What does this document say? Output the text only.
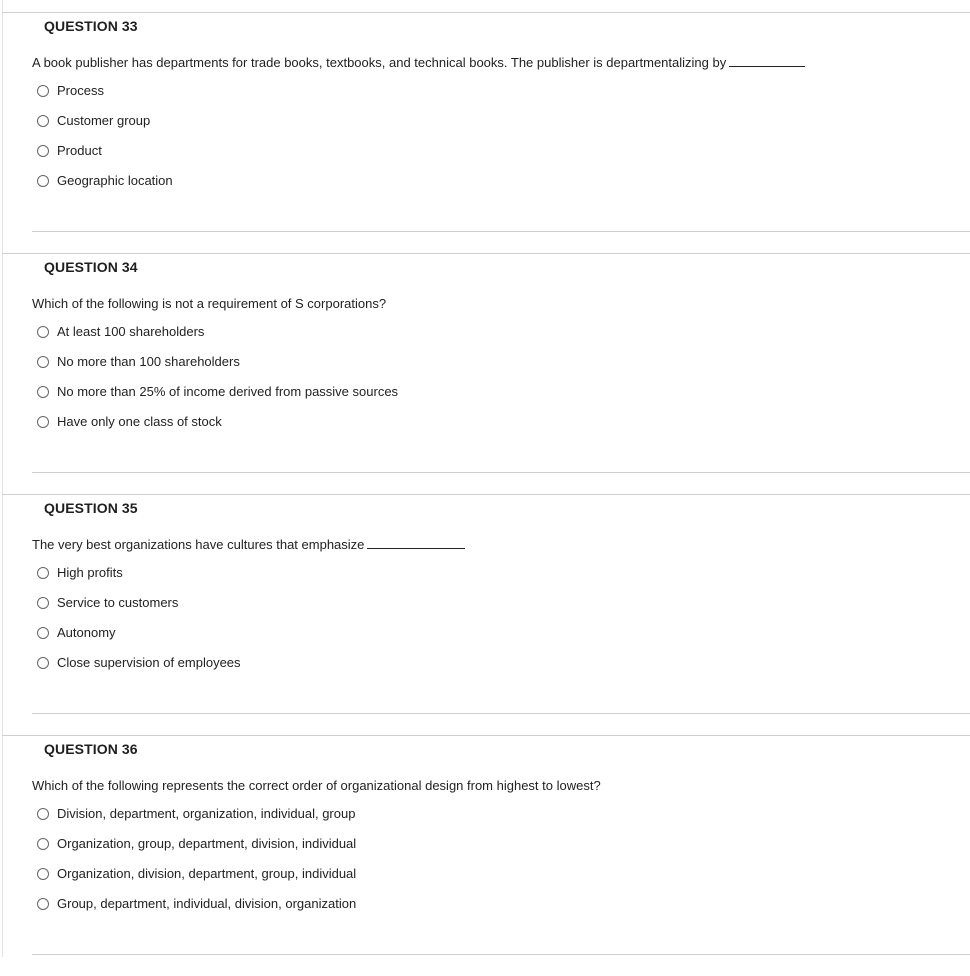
QUESTION 33
A book publisher has departments for trade books, textbooks, and technical books. The publisher is departmentalizing by
Process
Customer group
Product
Geographic location
QUESTION 34
Which of the following is not a requirement of S corporations?
At least 100 shareholders
No more than 100 shareholders
No more than 25% of income derived from passive sources
Have only one class of stock
QUESTION 35
The very best organizations have cultures that emphasize
High profits
Service to customers
Autonomy
Close supervision of employees
QUESTION 36
Which of the following represents the correct order of organizational design from highest to lowest?
Division, department, organization, individual, group
Organization, group, department, division, individual
Organization, division, department, group, individual
Group, department, individual, division, organization
